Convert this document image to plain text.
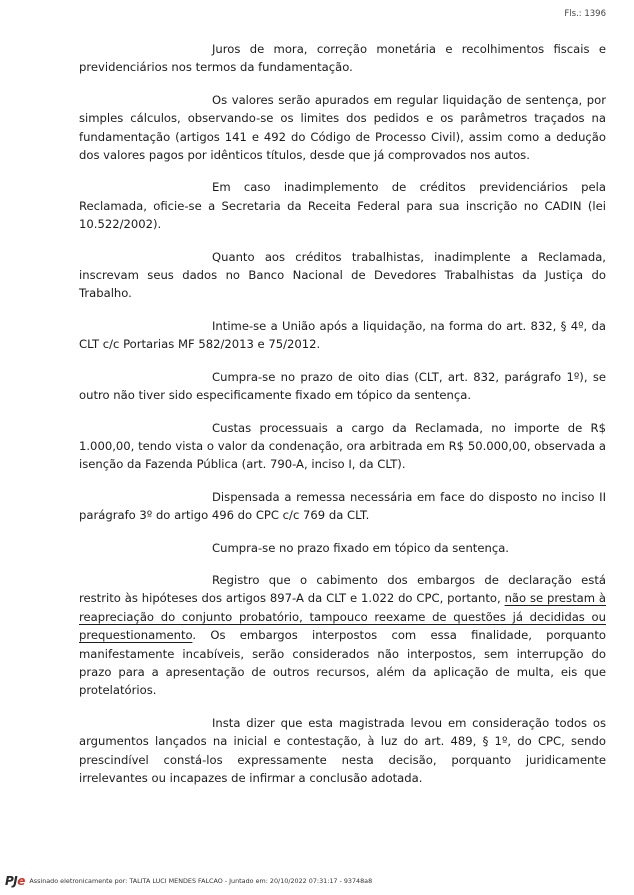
Fls.: 1396

Juros de mora, correção monetária e recolhimentos fiscais e previdenciários nos termos da fundamentação.

Os valores serão apurados em regular liquidação de sentença, por simples cálculos, observando-se os limites dos pedidos e os parâmetros traçados na fundamentação (artigos 141 e 492 do Código de Processo Civil), assim como a dedução dos valores pagos por idênticos títulos, desde que já comprovados nos autos.

Em caso inadimplemento de créditos previdenciários pela Reclamada, oficie-se a Secretaria da Receita Federal para sua inscrição no CADIN (lei 10.522/2002).

Quanto aos créditos trabalhistas, inadimplente a Reclamada, inscrevam seus dados no Banco Nacional de Devedores Trabalhistas da Justiça do Trabalho.

Intime-se a União após a liquidação, na forma do art. 832, § 4º, da CLT c/c Portarias MF 582/2013 e 75/2012.

Cumpra-se no prazo de oito dias (CLT, art. 832, parágrafo 1º), se outro não tiver sido especificamente fixado em tópico da sentença.

Custas processuais a cargo da Reclamada, no importe de R$ 1.000,00, tendo vista o valor da condenação, ora arbitrada em R$ 50.000,00, observada a isenção da Fazenda Pública (art. 790-A, inciso I, da CLT).

Dispensada a remessa necessária em face do disposto no inciso II parágrafo 3º do artigo 496 do CPC c/c 769 da CLT.

Cumpra-se no prazo fixado em tópico da sentença.

Registro que o cabimento dos embargos de declaração está restrito às hipóteses dos artigos 897-A da CLT e 1.022 do CPC, portanto, não se prestam à reapreciação do conjunto probatório, tampouco reexame de questões já decididas ou prequestionamento. Os embargos interpostos com essa finalidade, porquanto manifestamente incabíveis, serão considerados não interpostos, sem interrupção do prazo para a apresentação de outros recursos, além da aplicação de multa, eis que protelatórios.

Insta dizer que esta magistrada levou em consideração todos os argumentos lançados na inicial e contestação, à luz do art. 489, § 1º, do CPC, sendo prescindível constá-los expressamente nesta decisão, porquanto juridicamente irrelevantes ou incapazes de infirmar a conclusão adotada.

PJ e Assinado eletronicamente por: TALITA LUCI MENDES FALCAO - Juntado em: 20/10/2022 07:31:17 - 93748a8
